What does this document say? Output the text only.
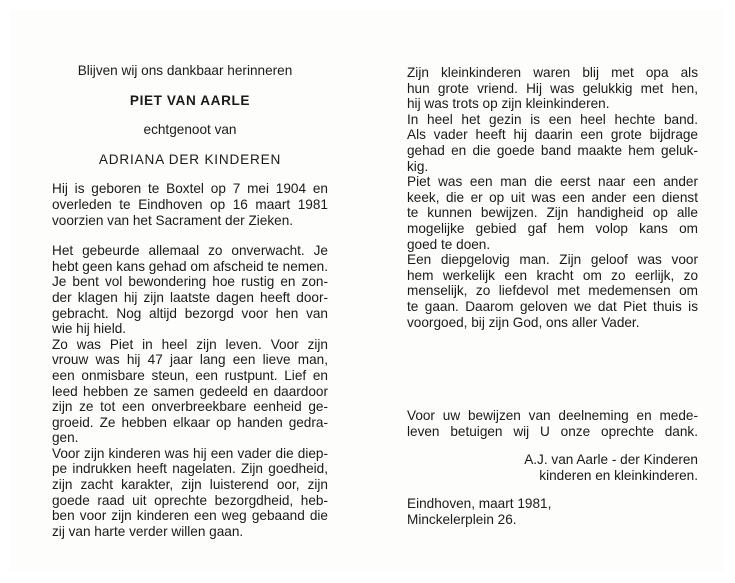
Blijven wij ons dankbaar herinneren
PIET VAN AARLE
echtgenoot van
ADRIANA DER KINDEREN
Hij is geboren te Boxtel op 7 mei 1904 en
overleden te Eindhoven op 16 maart 1981
voorzien van het Sacrament der Zieken.
Het gebeurde allemaal zo onverwacht. Je
hebt geen kans gehad om afscheid te nemen.
Je bent vol bewondering hoe rustig en zon-
der klagen hij zijn laatste dagen heeft door-
gebracht. Nog altijd bezorgd voor hen van
wie hij hield.
Zo was Piet in heel zijn leven. Voor zijn
vrouw was hij 47 jaar lang een lieve man,
een onmisbare steun, een rustpunt. Lief en
leed hebben ze samen gedeeld en daardoor
zijn ze tot een onverbreekbare eenheid ge-
groeid. Ze hebben elkaar op handen gedra-
gen.
Voor zijn kinderen was hij een vader die diep-
pe indrukken heeft nagelaten. Zijn goedheid,
zijn zacht karakter, zijn luisterend oor, zijn
goede raad uit oprechte bezorgdheid, heb-
ben voor zijn kinderen een weg gebaand die
zij van harte verder willen gaan.
Zijn kleinkinderen waren blij met opa als
hun grote vriend. Hij was gelukkig met hen,
hij was trots op zijn kleinkinderen.
In heel het gezin is een heel hechte band.
Als vader heeft hij daarin een grote bijdrage
gehad en die goede band maakte hem geluk-
kig.
Piet was een man die eerst naar een ander
keek, die er op uit was een ander een dienst
te kunnen bewijzen. Zijn handigheid op alle
mogelijke gebied gaf hem volop kans om
goed te doen.
Een diepgelovig man. Zijn geloof was voor
hem werkelijk een kracht om zo eerlijk, zo
menselijk, zo liefdevol met medemensen om
te gaan. Daarom geloven we dat Piet thuis is
voorgoed, bij zijn God, ons aller Vader.
Voor uw bewijzen van deelneming en mede-
leven betuigen wij U onze oprechte dank.
A.J. van Aarle - der Kinderen
kinderen en kleinkinderen.
Eindhoven, maart 1981,
Minckelerplein 26.
